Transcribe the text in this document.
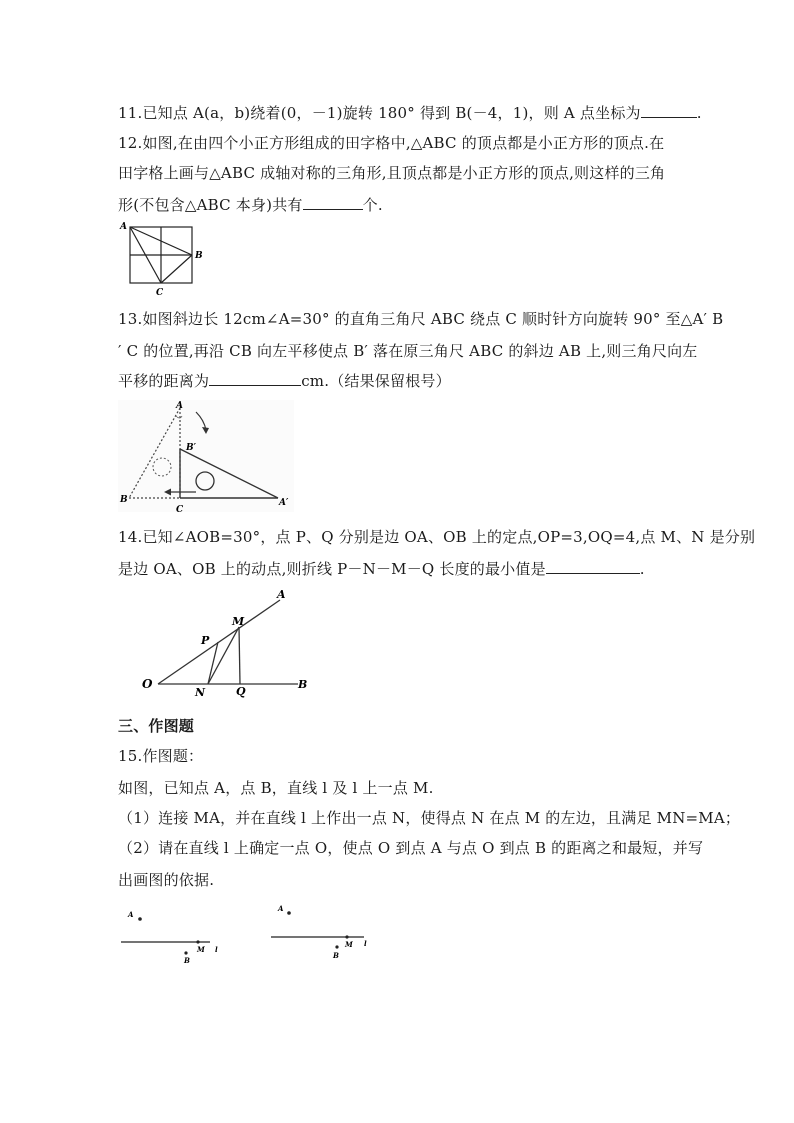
11.已知点 A(a，b)绕着(0，－1)旋转 180° 得到 B(－4，1)，则 A 点坐标为	.
12.如图,在由四个小正方形组成的田字格中,△ABC 的顶点都是小正方形的顶点.在
田字格上画与△ABC 成轴对称的三角形,且顶点都是小正方形的顶点,则这样的三角
形(不包含△ABC 本身)共有	个.
A
B
C
13.如图斜边长 12cm∠A=30° 的直角三角尺 ABC 绕点 C 顺时针方向旋转 90° 至△A′ B
′ C 的位置,再沿 CB 向左平移使点 B′ 落在原三角尺 ABC 的斜边 AB 上,则三角尺向左
平移的距离为	cm.（结果保留根号）
A
B′
B
C
A′
14.已知∠AOB=30°，点 P、Q 分别是边 OA、OB 上的定点,OP=3,OQ=4,点 M、N 是分别
是边 OA、OB 上的动点,则折线 P－N－M－Q 长度的最小值是	.
O
A
B
P
M
N	Q
三、作图题
15.作图题：
如图，已知点 A，点 B，直线 l 及 l 上一点 M.
（1）连接 MA，并在直线 l 上作出一点 N，使得点 N 在点 M 的左边，且满足 MN=MA；
（2）请在直线 l 上确定一点 O，使点 O 到点 A 与点 O 到点 B 的距离之和最短，并写
出画图的依据.
A
M l
B
A
M l
B
